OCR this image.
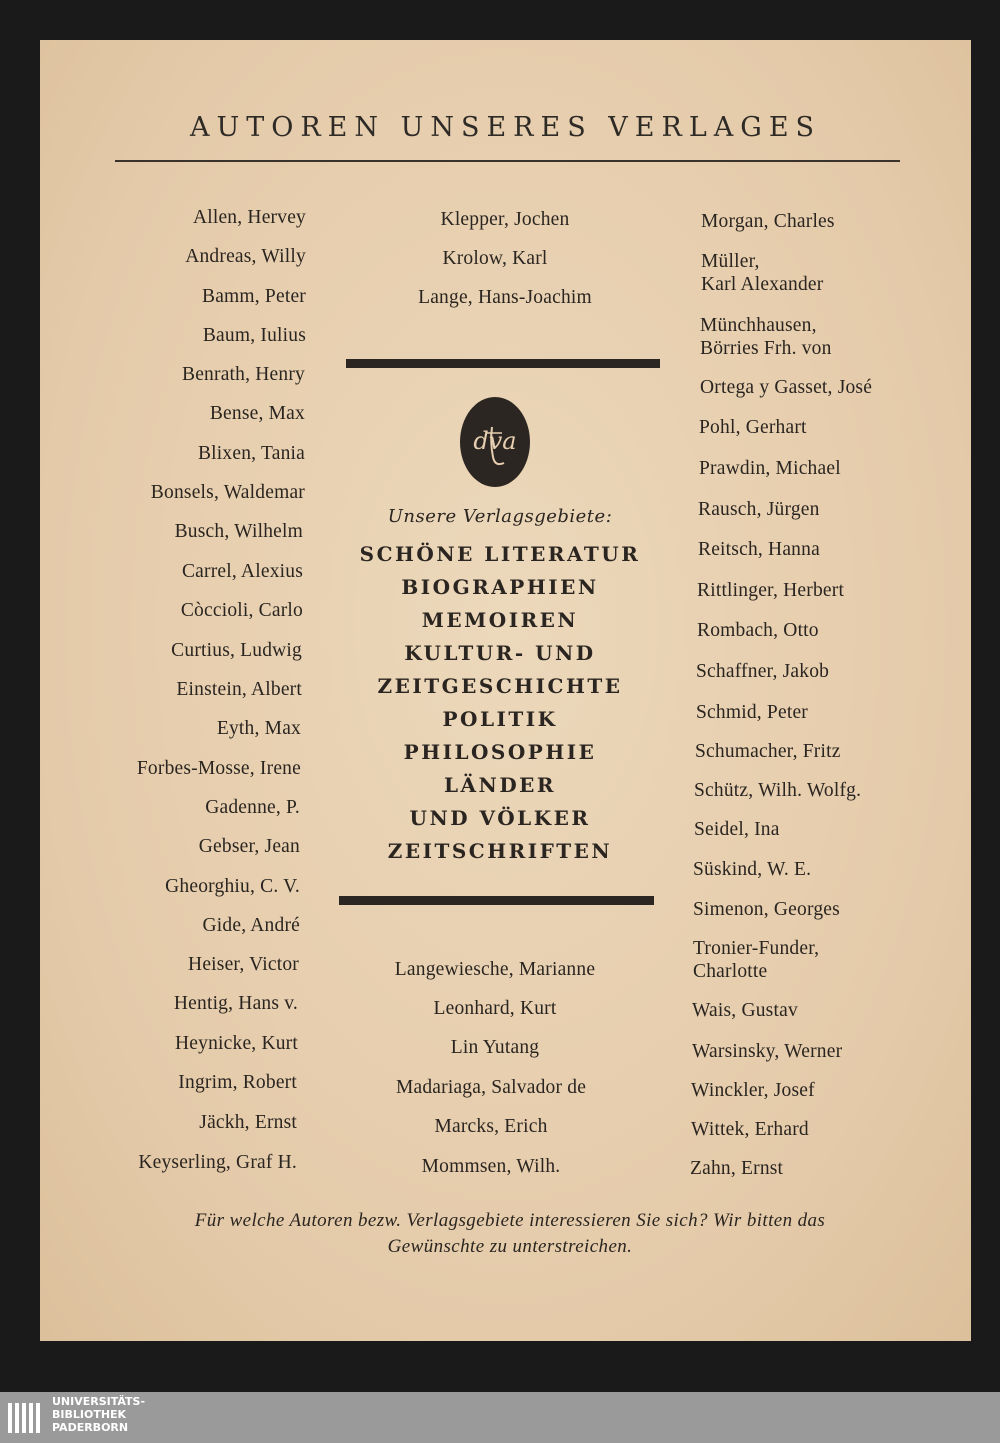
AUTOREN UNSERES VERLAGES
Allen, Hervey
Andreas, Willy
Bamm, Peter
Baum, Iulius
Benrath, Henry
Bense, Max
Blixen, Tania
Bonsels, Waldemar
Busch, Wilhelm
Carrel, Alexius
Còccioli, Carlo
Curtius, Ludwig
Einstein, Albert
Eyth, Max
Forbes-Mosse, Irene
Gadenne, P.
Gebser, Jean
Gheorghiu, C. V.
Gide, André
Heiser, Victor
Hentig, Hans v.
Heynicke, Kurt
Ingrim, Robert
Jäckh, Ernst
Keyserling, Graf H.
Klepper, Jochen
Krolow, Karl
Lange, Hans-Joachim
dva
Unsere Verlagsgebiete:
SCHÖNE LITERATUR
BIOGRAPHIEN
MEMOIREN
KULTUR- UND
ZEITGESCHICHTE
POLITIK
PHILOSOPHIE
LÄNDER
UND VÖLKER
ZEITSCHRIFTEN
Langewiesche, Marianne
Leonhard, Kurt
Lin Yutang
Madariaga, Salvador de
Marcks, Erich
Mommsen, Wilh.
Morgan, Charles
Müller,
Karl Alexander
Münchhausen,
Börries Frh. von
Ortega y Gasset, José
Pohl, Gerhart
Prawdin, Michael
Rausch, Jürgen
Reitsch, Hanna
Rittlinger, Herbert
Rombach, Otto
Schaffner, Jakob
Schmid, Peter
Schumacher, Fritz
Schütz, Wilh. Wolfg.
Seidel, Ina
Süskind, W. E.
Simenon, Georges
Tronier-Funder,
Charlotte
Wais, Gustav
Warsinsky, Werner
Winckler, Josef
Wittek, Erhard
Zahn, Ernst
Für welche Autoren bezw. Verlagsgebiete interessieren Sie sich? Wir bitten das
Gewünschte zu unterstreichen.
UNIVERSITÄTS-
BIBLIOTHEK
PADERBORN
